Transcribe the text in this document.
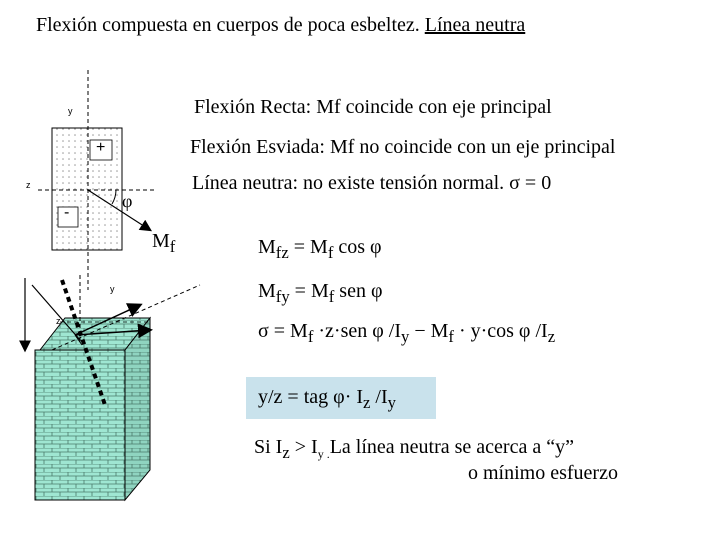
Flexión compuesta en cuerpos de poca esbeltez. Línea neutra
Flexión Recta: Mf coincide con eje principal
Flexión Esviada: Mf no coincide con un eje principal
Línea neutra: no existe tensión normal. σ = 0
$M_{fz} = M_f$ cos φ
$M_{fy} = M_f$ sen φ
$\sigma = M_f \cdot z\cdot sen$ φ $/I_y - M_f \cdot y\cdot\cos$ φ $/I_z$
y/z = tag $\varphi\cdot I_z$ $/I_y$
Si $I_z > I_{y .}La$ línea neutra se acerca a “y”
o mínimo esfuerzo
y
z
+
-
φ
$M_f$
y
z
